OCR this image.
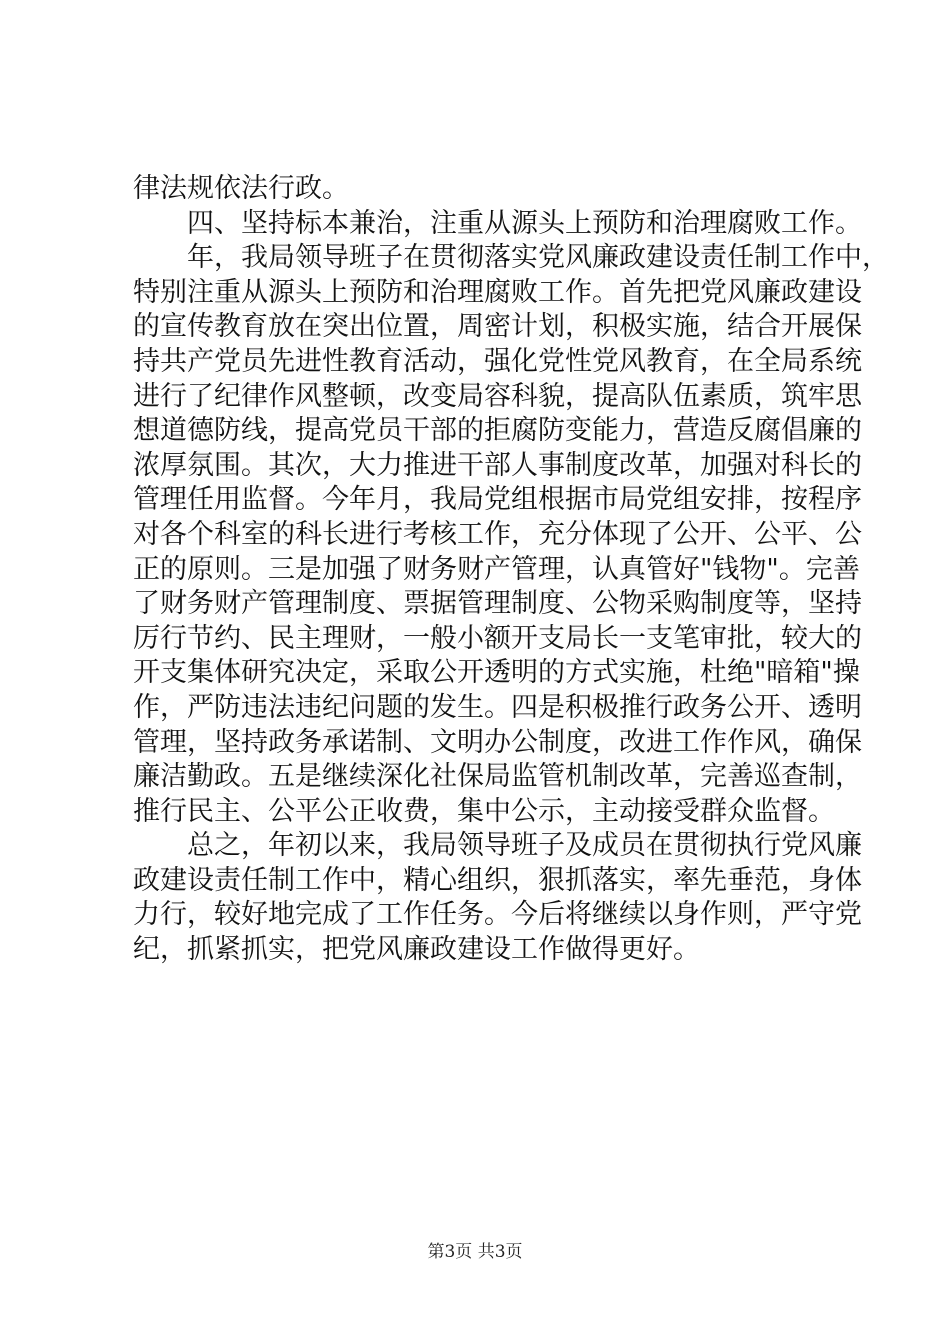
律法规依法行政。
四、坚持标本兼治，注重从源头上预防和治理腐败工作。
年，我局领导班子在贯彻落实党风廉政建设责任制工作中，
特别注重从源头上预防和治理腐败工作。首先把党风廉政建设
的宣传教育放在突出位置，周密计划，积极实施，结合开展保
持共产党员先进性教育活动，强化党性党风教育，在全局系统
进行了纪律作风整顿，改变局容科貌，提高队伍素质，筑牢思
想道德防线，提高党员干部的拒腐防变能力，营造反腐倡廉的
浓厚氛围。其次，大力推进干部人事制度改革，加强对科长的
管理任用监督。今年月，我局党组根据市局党组安排，按程序
对各个科室的科长进行考核工作，充分体现了公开、公平、公
正的原则。三是加强了财务财产管理，认真管好"钱物"。完善
了财务财产管理制度、票据管理制度、公物采购制度等，坚持
厉行节约、民主理财，一般小额开支局长一支笔审批，较大的
开支集体研究决定，采取公开透明的方式实施，杜绝"暗箱"操
作，严防违法违纪问题的发生。四是积极推行政务公开、透明
管理，坚持政务承诺制、文明办公制度，改进工作作风，确保
廉洁勤政。五是继续深化社保局监管机制改革，完善巡查制，
推行民主、公平公正收费，集中公示，主动接受群众监督。
总之，年初以来，我局领导班子及成员在贯彻执行党风廉
政建设责任制工作中，精心组织，狠抓落实，率先垂范，身体
力行，较好地完成了工作任务。今后将继续以身作则，严守党
纪，抓紧抓实，把党风廉政建设工作做得更好。
第3页 共3页
